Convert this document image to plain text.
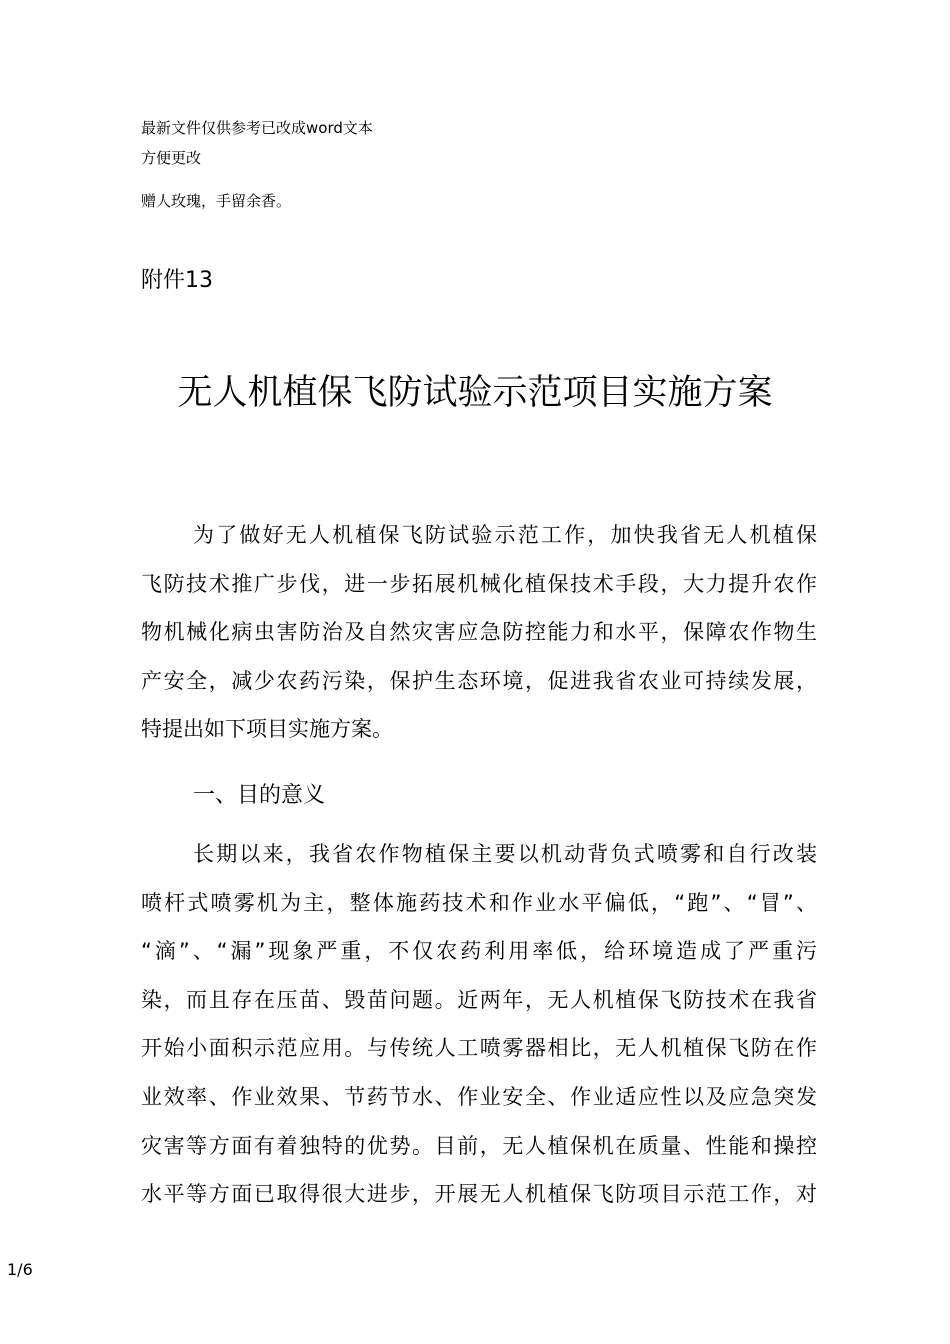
最新文件仅供参考已改成word文本
方便更改
赠人玫瑰，手留余香。
附件13
无人机植保飞防试验示范项目实施方案
为了做好无人机植保飞防试验示范工作，加快我省无人机植保
飞防技术推广步伐，进一步拓展机械化植保技术手段，大力提升农作
物机械化病虫害防治及自然灾害应急防控能力和水平，保障农作物生
产安全，减少农药污染，保护生态环境，促进我省农业可持续发展，
特提出如下项目实施方案。
一、目的意义
长期以来，我省农作物植保主要以机动背负式喷雾和自行改装
喷杆式喷雾机为主，整体施药技术和作业水平偏低，“跑”、“冒”、
“滴”、“漏”现象严重，不仅农药利用率低，给环境造成了严重污
染，而且存在压苗、毁苗问题。近两年，无人机植保飞防技术在我省
开始小面积示范应用。与传统人工喷雾器相比，无人机植保飞防在作
业效率、作业效果、节药节水、作业安全、作业适应性以及应急突发
灾害等方面有着独特的优势。目前，无人植保机在质量、性能和操控
水平等方面已取得很大进步，开展无人机植保飞防项目示范工作，对
1/6
